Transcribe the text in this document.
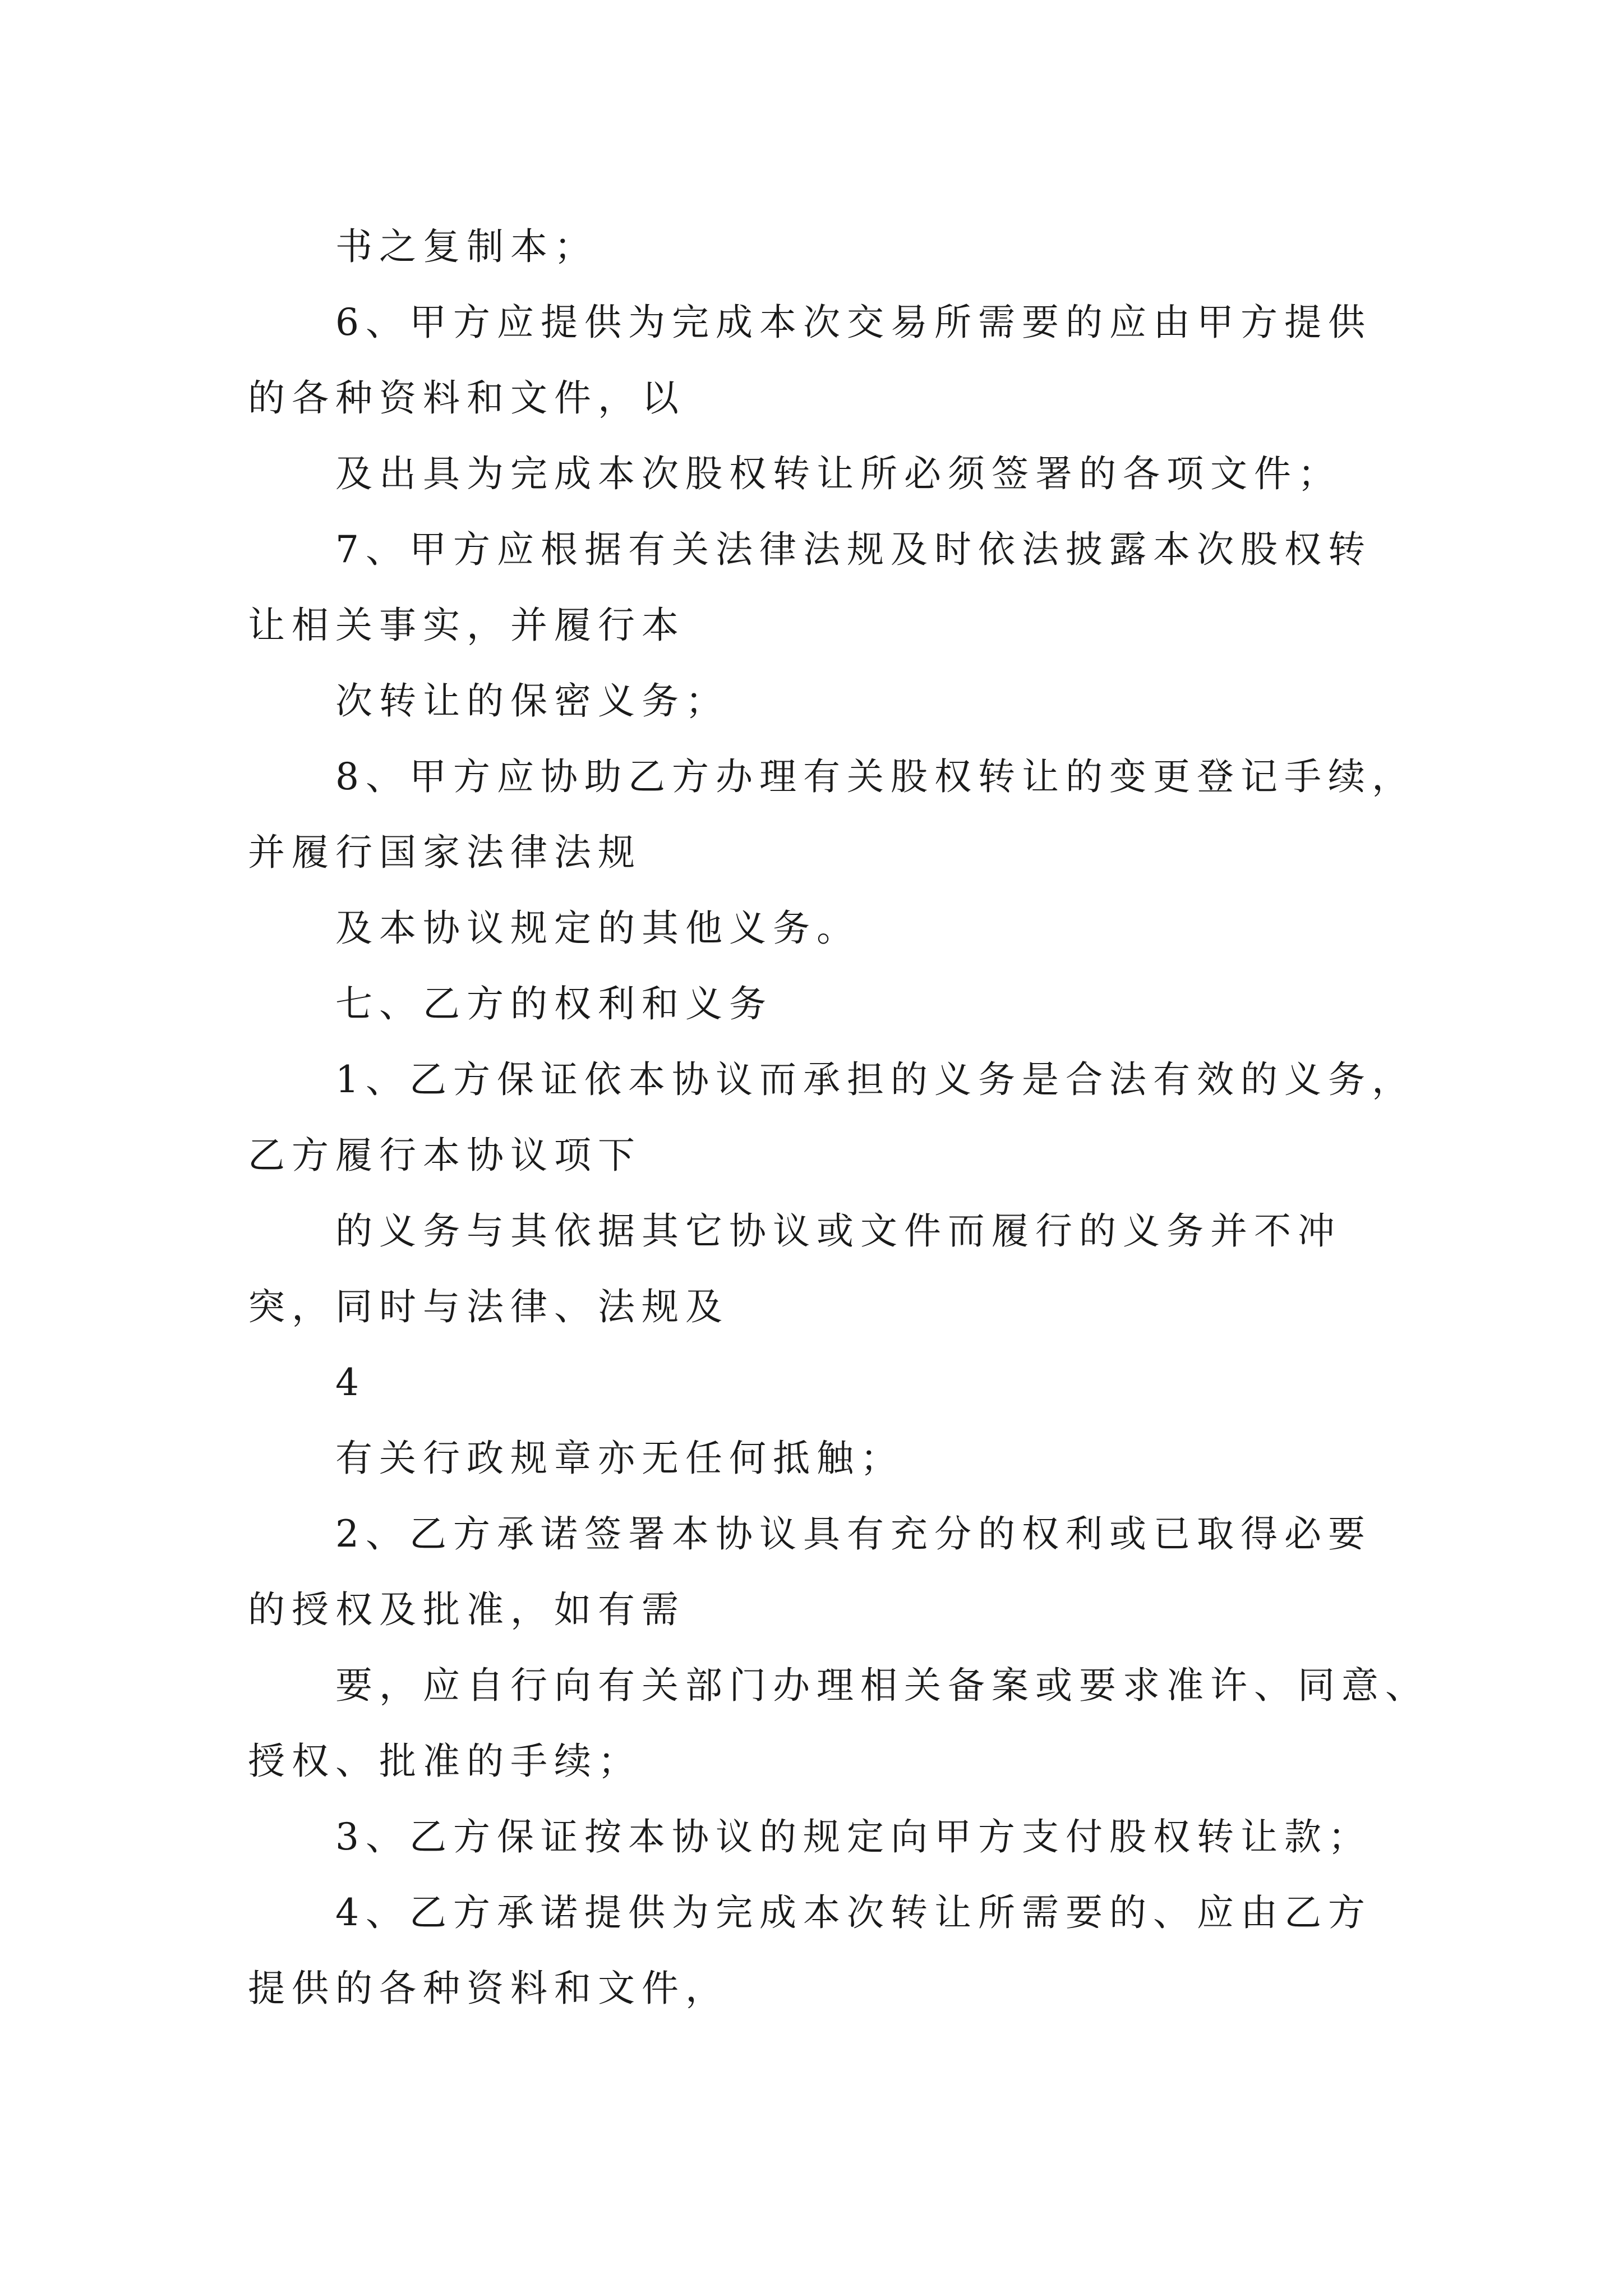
书之复制本；
6、甲方应提供为完成本次交易所需要的应由甲方提供
的各种资料和文件，以
及出具为完成本次股权转让所必须签署的各项文件；
7、甲方应根据有关法律法规及时依法披露本次股权转
让相关事实，并履行本
次转让的保密义务；
8、甲方应协助乙方办理有关股权转让的变更登记手续，
并履行国家法律法规
及本协议规定的其他义务。
七、乙方的权利和义务
1、乙方保证依本协议而承担的义务是合法有效的义务，
乙方履行本协议项下
的义务与其依据其它协议或文件而履行的义务并不冲
突，同时与法律、法规及
4
有关行政规章亦无任何抵触；
2、乙方承诺签署本协议具有充分的权利或已取得必要
的授权及批准，如有需
要，应自行向有关部门办理相关备案或要求准许、同意、
授权、批准的手续；
3、乙方保证按本协议的规定向甲方支付股权转让款；
4、乙方承诺提供为完成本次转让所需要的、应由乙方
提供的各种资料和文件，
